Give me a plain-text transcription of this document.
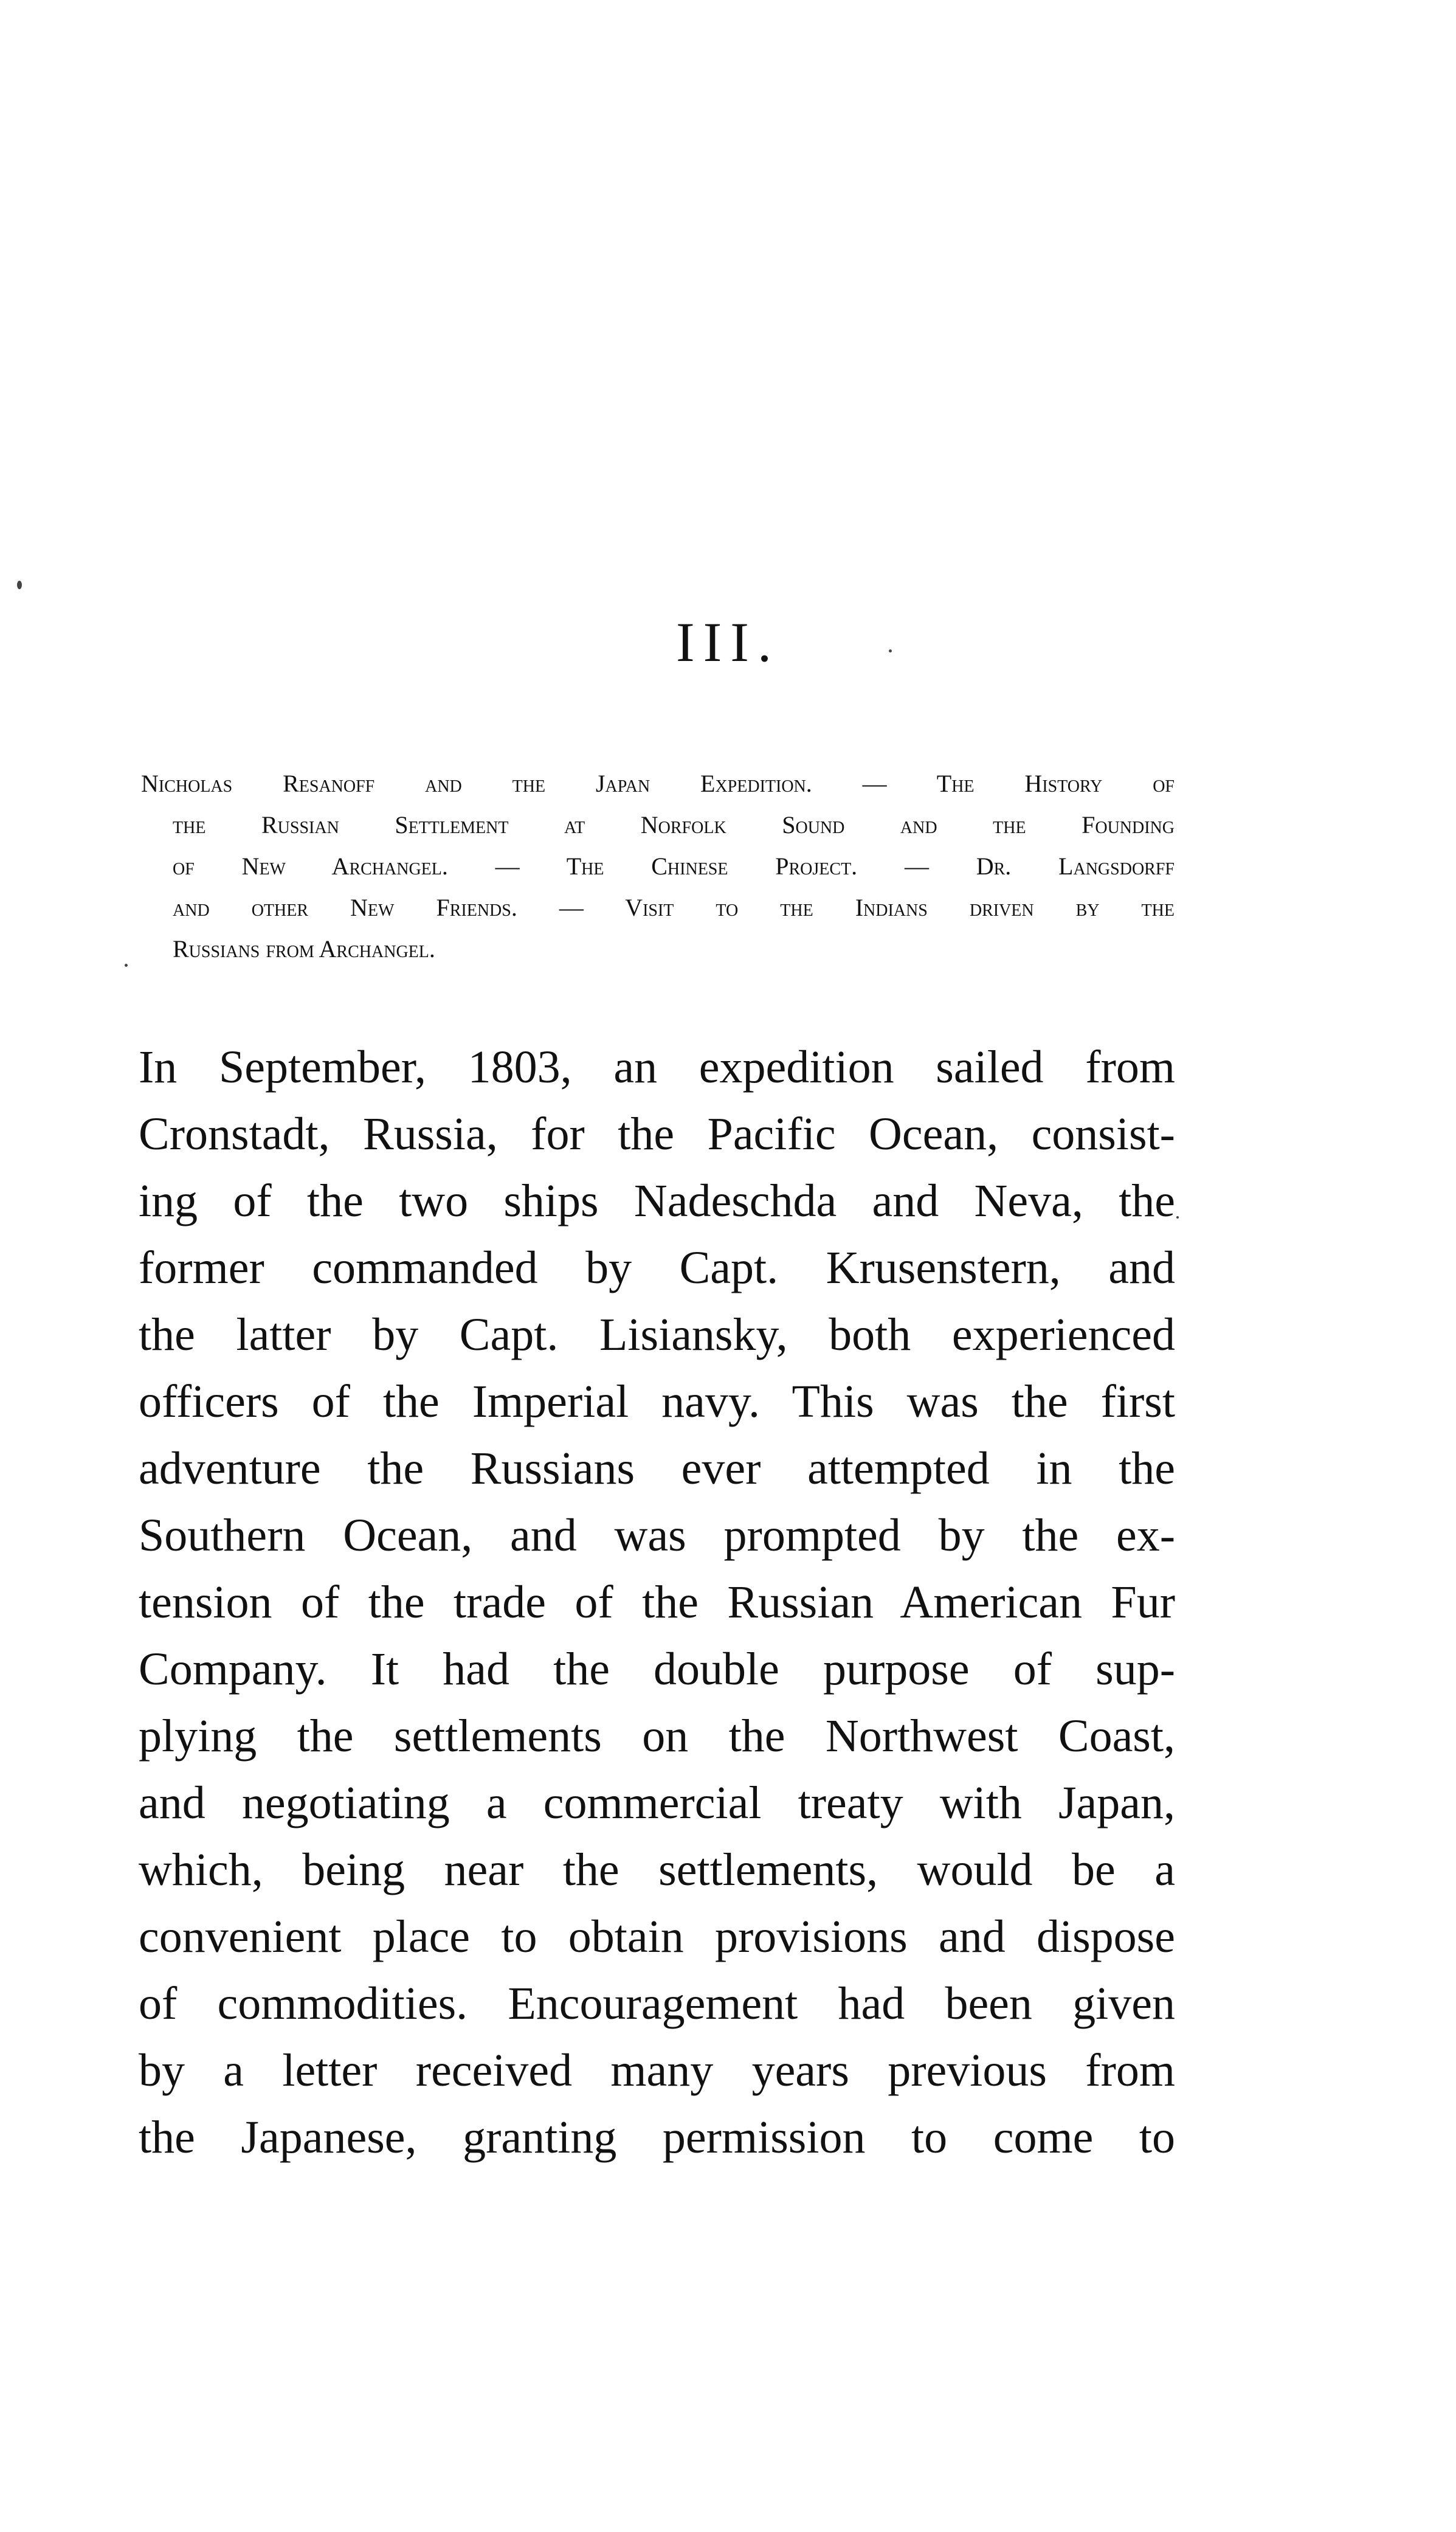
III.
Nicholas Resanoff and the Japan Expedition. — The History of
the Russian Settlement at Norfolk Sound and the Founding
of New Archangel. — The Chinese Project. — Dr. Langsdorff
and other New Friends. — Visit to the Indians driven by the
Russians from Archangel.
In September, 1803, an expedition sailed from
Cronstadt, Russia, for the Pacific Ocean, consist-
ing of the two ships Nadeschda and Neva, the
former commanded by Capt. Krusenstern, and
the latter by Capt. Lisiansky, both experienced
officers of the Imperial navy. This was the first
adventure the Russians ever attempted in the
Southern Ocean, and was prompted by the ex-
tension of the trade of the Russian American Fur
Company. It had the double purpose of sup-
plying the settlements on the Northwest Coast,
and negotiating a commercial treaty with Japan,
which, being near the settlements, would be a
convenient place to obtain provisions and dispose
of commodities. Encouragement had been given
by a letter received many years previous from
the Japanese, granting permission to come to
